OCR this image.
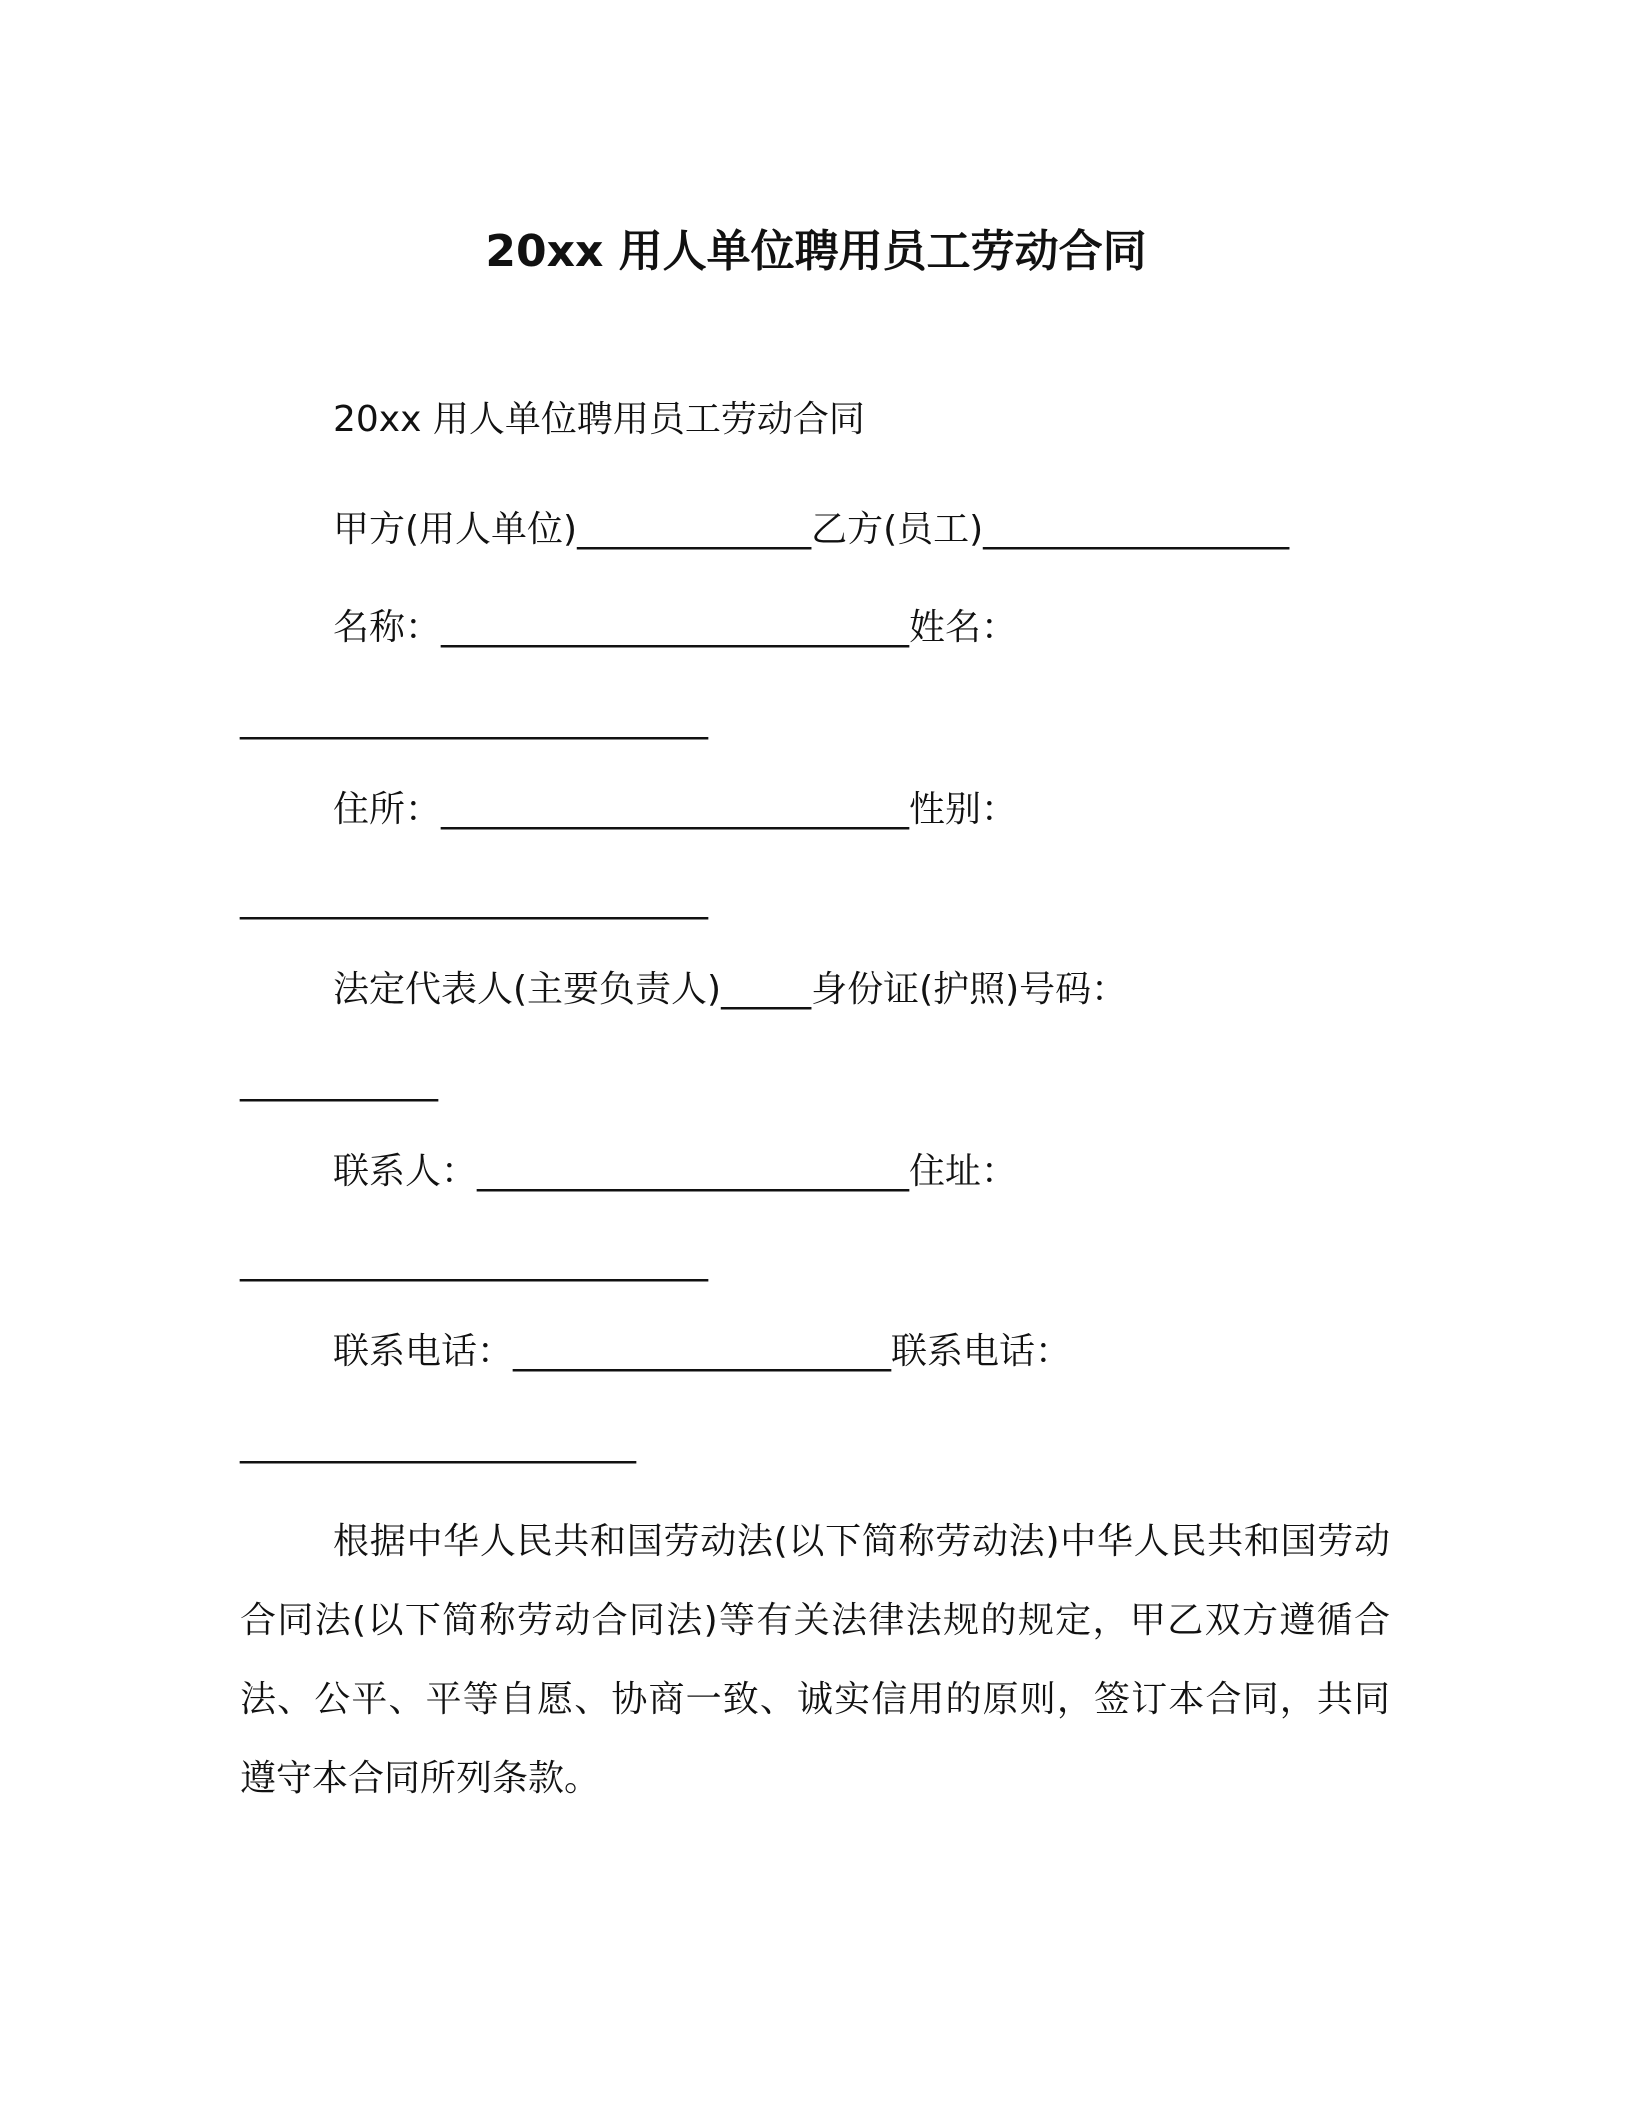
20xx 用人单位聘用员工劳动合同
20xx 用人单位聘用员工劳动合同
甲方(用人单位)_____________乙方(员工)_________________
名称：__________________________姓名：
__________________________
住所：__________________________性别：
__________________________
法定代表人(主要负责人)_____身份证(护照)号码：
___________
联系人：________________________住址：
__________________________
联系电话：_____________________联系电话：
______________________
根据中华人民共和国劳动法(以下简称劳动法)中华人民共和国劳动合同法(以下简称劳动合同法)等有关法律法规的规定，甲乙双方遵循合法、公平、平等自愿、协商一致、诚实信用的原则，签订本合同，共同遵守本合同所列条款。
